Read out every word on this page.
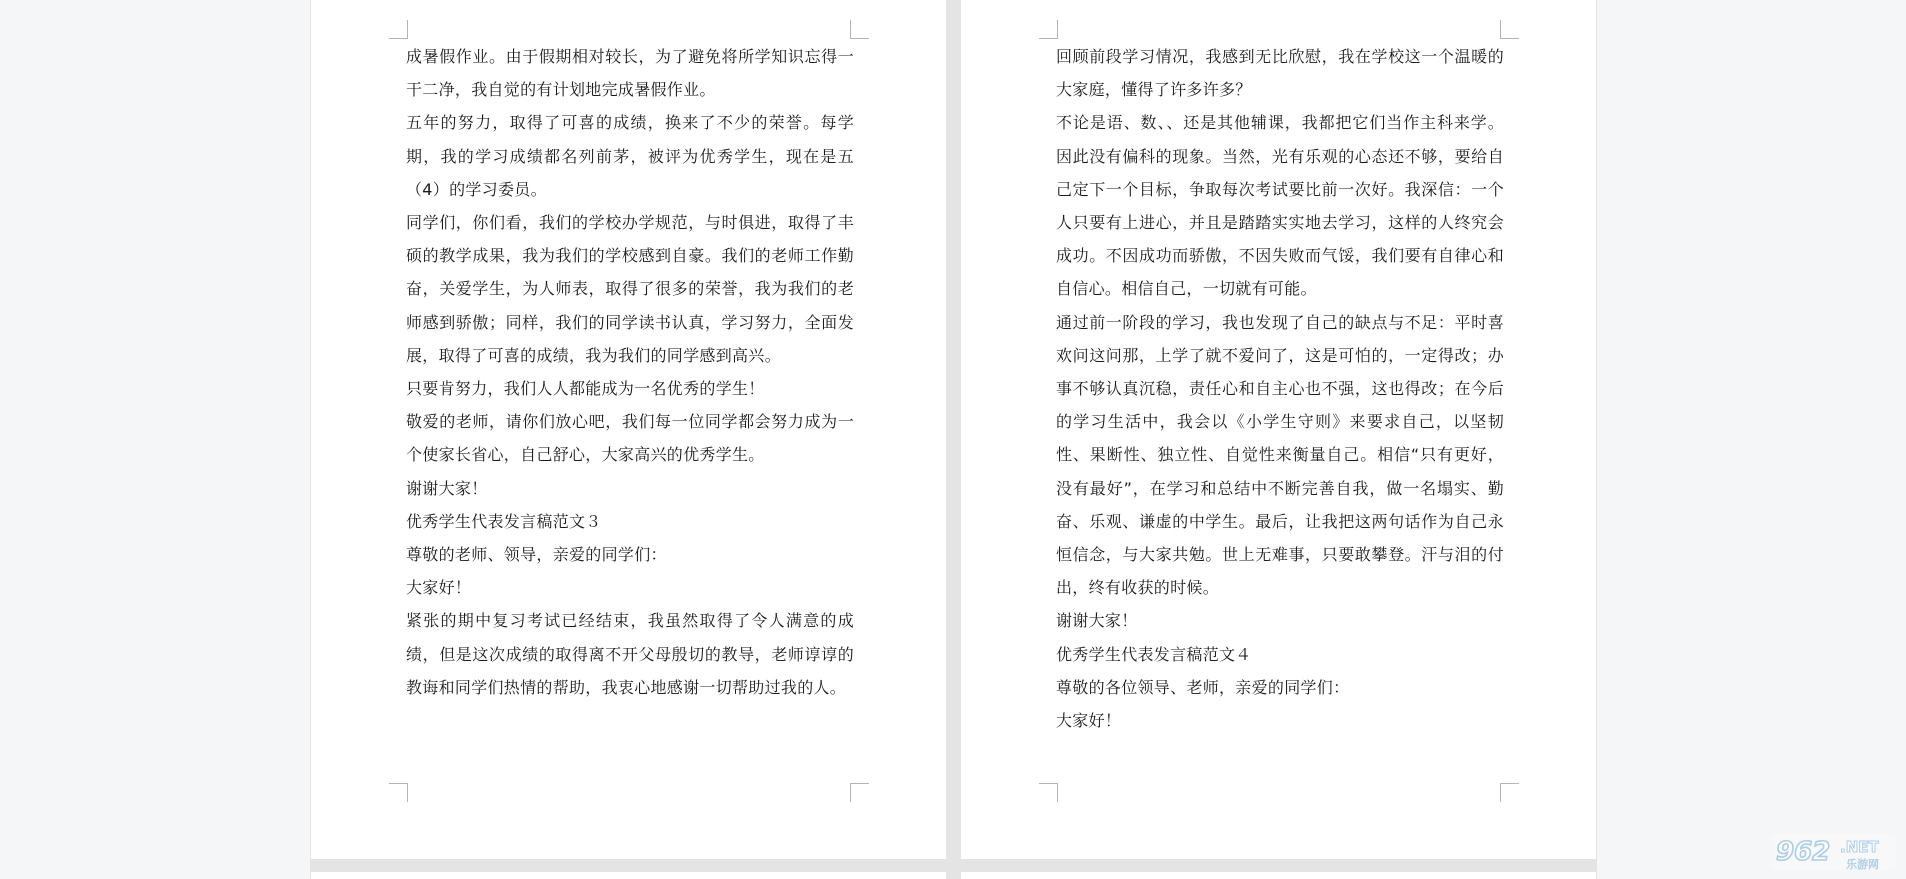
成暑假作业。由于假期相对较长，为了避免将所学知识忘得一干二净，我自觉的有计划地完成暑假作业。

五年的努力，取得了可喜的成绩，换来了不少的荣誉。每学期，我的学习成绩都名列前茅，被评为优秀学生，现在是五（4）的学习委员。

同学们，你们看，我们的学校办学规范，与时俱进，取得了丰硕的教学成果，我为我们的学校感到自豪。我们的老师工作勤奋，关爱学生，为人师表，取得了很多的荣誉，我为我们的老师感到骄傲；同样，我们的同学读书认真，学习努力，全面发展，取得了可喜的成绩，我为我们的同学感到高兴。

只要肯努力，我们人人都能成为一名优秀的学生！

敬爱的老师，请你们放心吧，我们每一位同学都会努力成为一个使家长省心，自己舒心，大家高兴的优秀学生。

谢谢大家！

优秀学生代表发言稿范文３

尊敬的老师、领导，亲爱的同学们：

大家好！

紧张的期中复习考试已经结束，我虽然取得了令人满意的成绩，但是这次成绩的取得离不开父母殷切的教导，老师谆谆的教诲和同学们热情的帮助，我衷心地感谢一切帮助过我的人。

回顾前段学习情况，我感到无比欣慰，我在学校这一个温暖的大家庭，懂得了许多许多？

不论是语、数、、还是其他辅课，我都把它们当作主科来学。因此没有偏科的现象。当然，光有乐观的心态还不够，要给自己定下一个目标，争取每次考试要比前一次好。我深信：一个人只要有上进心，并且是踏踏实实地去学习，这样的人终究会成功。不因成功而骄傲，不因失败而气馁，我们要有自律心和自信心。相信自己，一切就有可能。

通过前一阶段的学习，我也发现了自己的缺点与不足：平时喜欢问这问那，上学了就不爱问了，这是可怕的，一定得改；办事不够认真沉稳，责任心和自主心也不强，这也得改；在今后的学习生活中，我会以《小学生守则》来要求自己，以坚韧性、果断性、独立性、自觉性来衡量自己。相信“只有更好，没有最好”，在学习和总结中不断完善自我，做一名塌实、勤奋、乐观、谦虚的中学生。最后，让我把这两句话作为自己永恒信念，与大家共勉。世上无难事，只要敢攀登。汗与泪的付出，终有收获的时候。

谢谢大家！

优秀学生代表发言稿范文４

尊敬的各位领导、老师，亲爱的同学们：

大家好！

962 .NET
乐游网
